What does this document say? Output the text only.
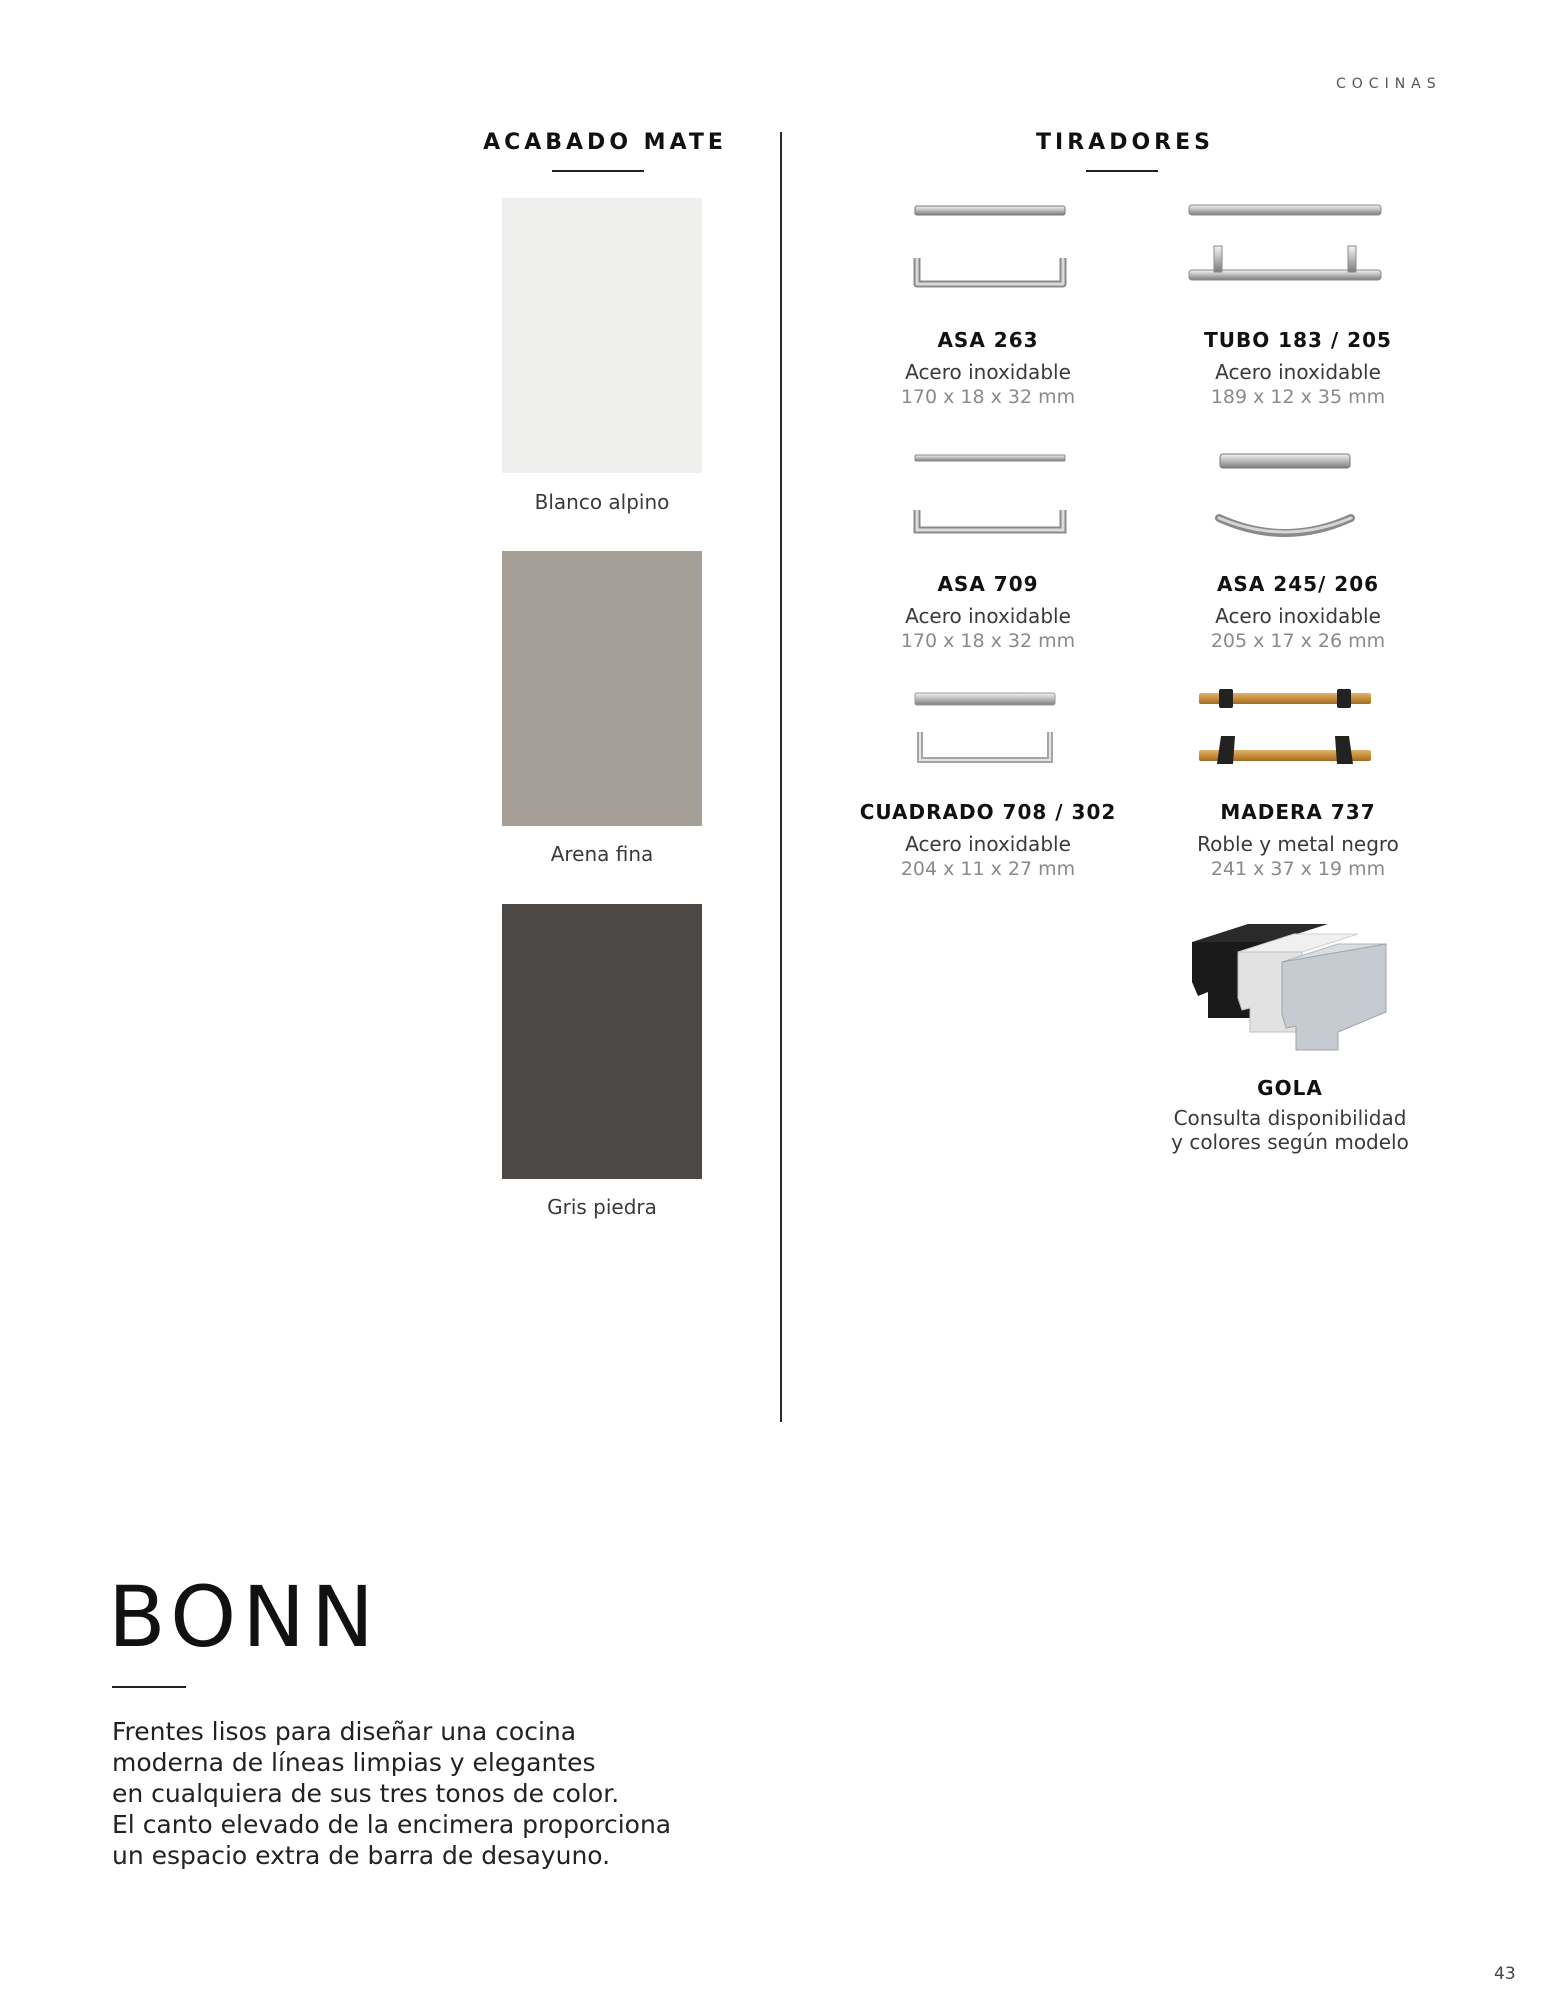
COCINAS
ACABADO MATE
Blanco alpino
Arena fina
Gris piedra
TIRADORES
ASA 263
Acero inoxidable
170 x 18 x 32 mm
TUBO 183 / 205
Acero inoxidable
189 x 12 x 35 mm
ASA 709
Acero inoxidable
170 x 18 x 32 mm
ASA 245/ 206
Acero inoxidable
205 x 17 x 26 mm
CUADRADO 708 / 302
Acero inoxidable
204 x 11 x 27 mm
MADERA 737
Roble y metal negro
241 x 37 x 19 mm
GOLA
Consulta disponibilidad
y colores según modelo
BONN
Frentes lisos para diseñar una cocina
moderna de líneas limpias y elegantes
en cualquiera de sus tres tonos de color.
El canto elevado de la encimera proporciona
un espacio extra de barra de desayuno.
43
